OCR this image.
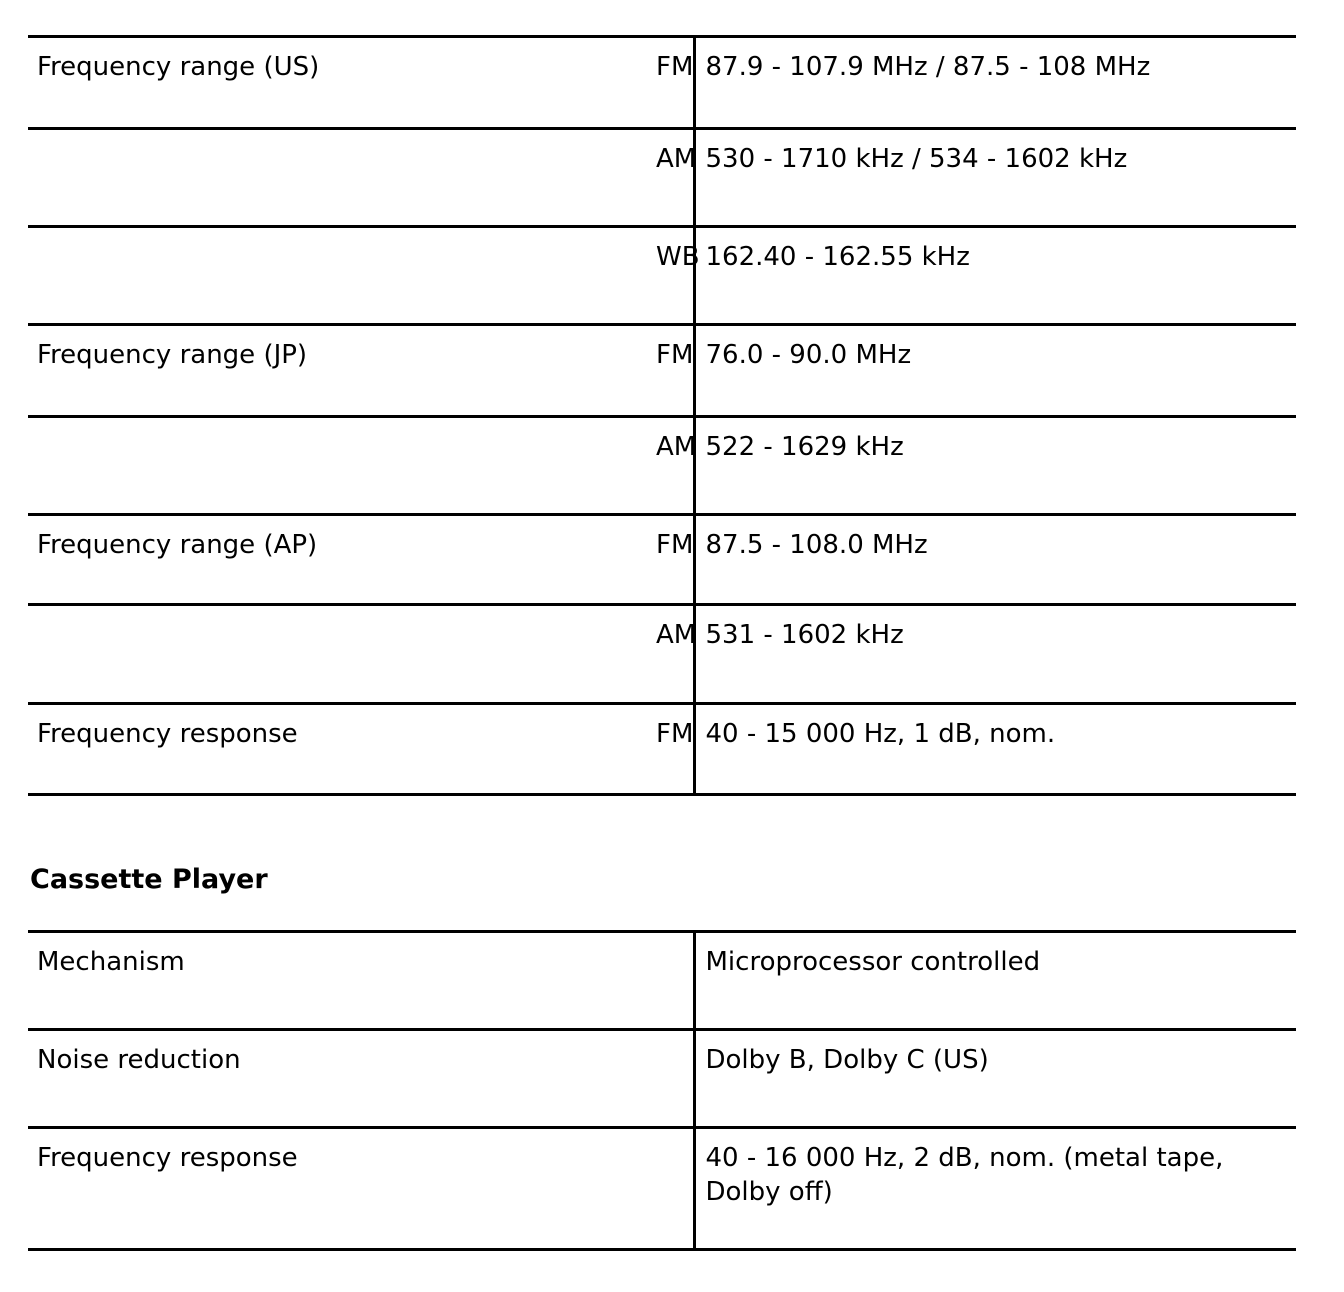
Frequency range (US)	FM	87.9 - 107.9 MHz / 87.5 - 108 MHz
	AM	530 - 1710 kHz / 534 - 1602 kHz
	WB	162.40 - 162.55 kHz
Frequency range (JP)	FM	76.0 - 90.0 MHz
	AM	522 - 1629 kHz
Frequency range (AP)	FM	87.5 - 108.0 MHz
	AM	531 - 1602 kHz
Frequency response	FM	40 - 15 000 Hz, 1 dB, nom.
Cassette Player
Mechanism	Microprocessor controlled
Noise reduction	Dolby B, Dolby C (US)
Frequency response	40 - 16 000 Hz, 2 dB, nom. (metal tape, Dolby off)
